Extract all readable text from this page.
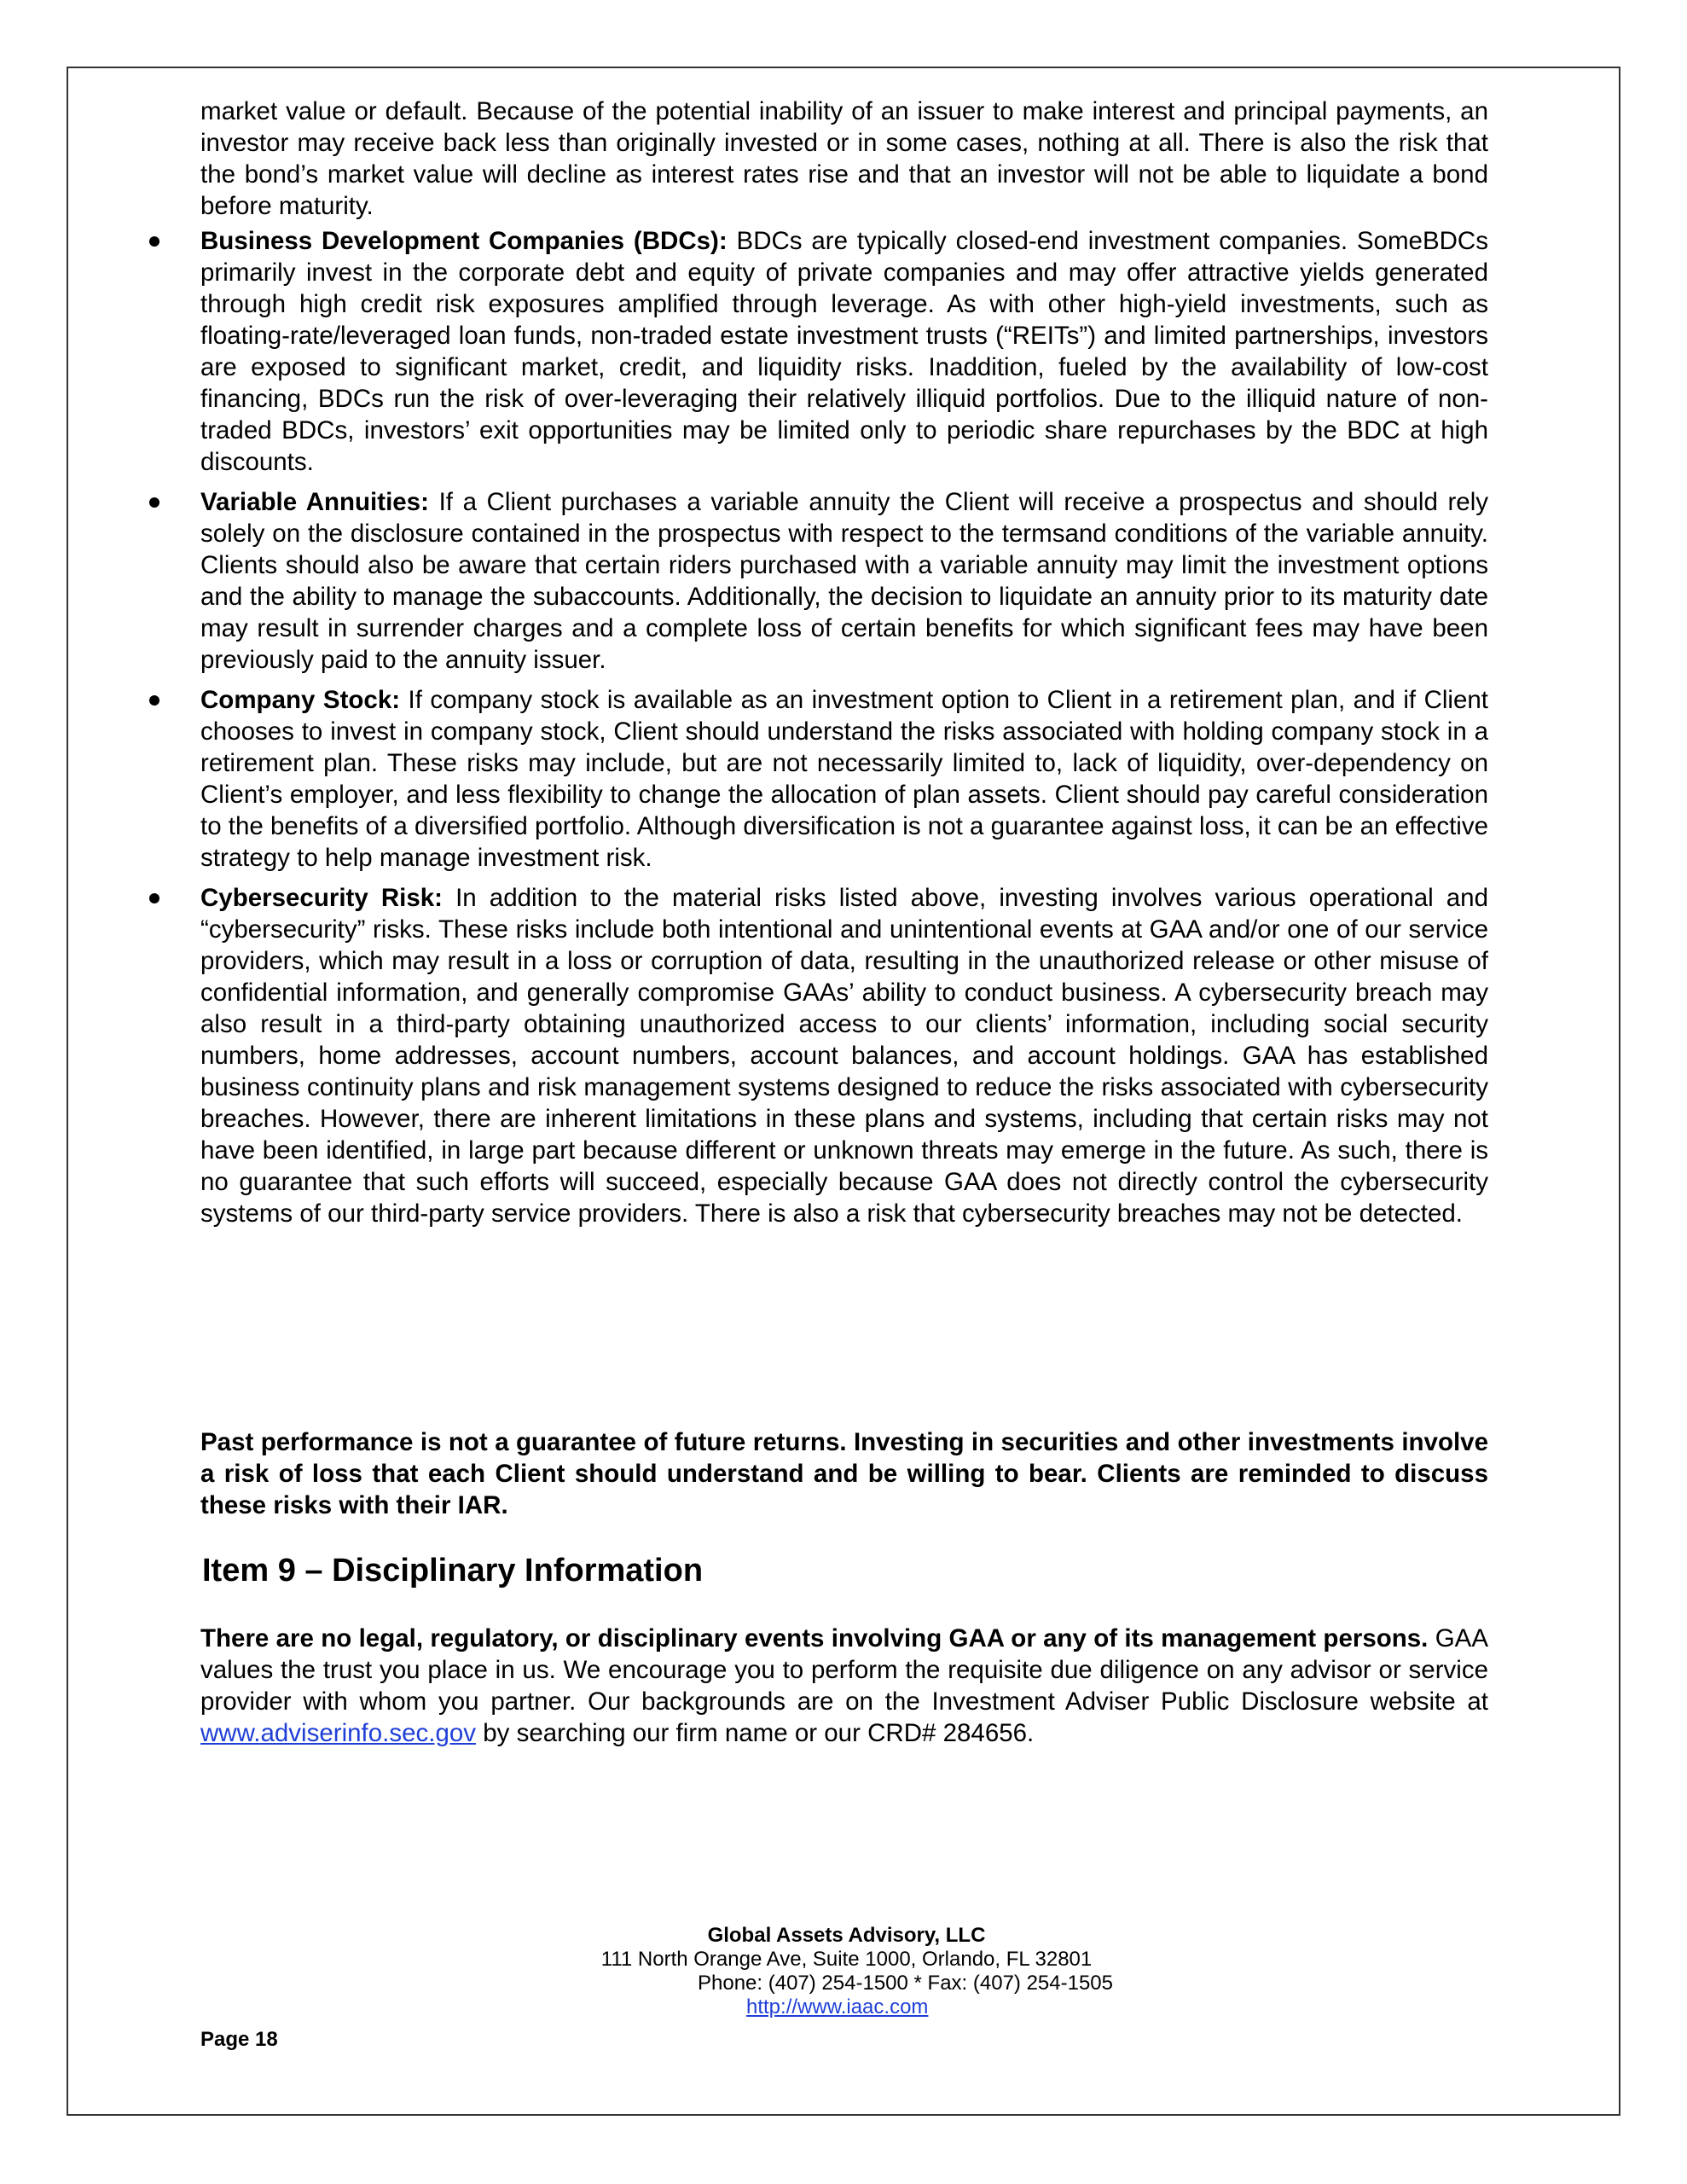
market value or default. Because of the potential inability of an issuer to make interest and principal payments, an investor may receive back less than originally invested or in some cases, nothing at all. There is also the risk that the bond’s market value will decline as interest rates rise and that an investor will not be able to liquidate a bond before maturity.

Business Development Companies (BDCs): BDCs are typically closed-end investment companies. SomeBDCs primarily invest in the corporate debt and equity of private companies and may offer attractive yields generated through high credit risk exposures amplified through leverage. As with other high-yield investments, such as floating-rate/leveraged loan funds, non-traded estate investment trusts (“REITs”) and limited partnerships, investors are exposed to significant market, credit, and liquidity risks. Inaddition, fueled by the availability of low-cost financing, BDCs run the risk of over-leveraging their relatively illiquid portfolios. Due to the illiquid nature of non-traded BDCs, investors’ exit opportunities may be limited only to periodic share repurchases by the BDC at high discounts.
Variable Annuities: If a Client purchases a variable annuity the Client will receive a prospectus and should rely solely on the disclosure contained in the prospectus with respect to the termsand conditions of the variable annuity. Clients should also be aware that certain riders purchased with a variable annuity may limit the investment options and the ability to manage the subaccounts. Additionally, the decision to liquidate an annuity prior to its maturity date may result in surrender charges and a complete loss of certain benefits for which significant fees may have been previously paid to the annuity issuer.
Company Stock: If company stock is available as an investment option to Client in a retirement plan, and if Client chooses to invest in company stock, Client should understand the risks associated with holding company stock in a retirement plan. These risks may include, but are not necessarily limited to, lack of liquidity, over-dependency on Client’s employer, and less flexibility to change the allocation of plan assets. Client should pay careful consideration to the benefits of a diversified portfolio. Although diversification is not a guarantee against loss, it can be an effective strategy to help manage investment risk.
Cybersecurity Risk: In addition to the material risks listed above, investing involves various operational and “cybersecurity” risks. These risks include both intentional and unintentional events at GAA and/or one of our service providers, which may result in a loss or corruption of data, resulting in the unauthorized release or other misuse of confidential information, and generally compromise GAAs’ ability to conduct business. A cybersecurity breach may also result in a third-party obtaining unauthorized access to our clients’ information, including social security numbers, home addresses, account numbers, account balances, and account holdings. GAA has established business continuity plans and risk management systems designed to reduce the risks associated with cybersecurity breaches. However, there are inherent limitations in these plans and systems, including that certain risks may not have been identified, in large part because different or unknown threats may emerge in the future. As such, there is no guarantee that such efforts will succeed, especially because GAA does not directly control the cybersecurity systems of our third-party service providers. There is also a risk that cybersecurity breaches may not be detected.

Past performance is not a guarantee of future returns. Investing in securities and other investments involve a risk of loss that each Client should understand and be willing to bear. Clients are reminded to discuss these risks with their IAR.

Item 9 – Disciplinary Information

There are no legal, regulatory, or disciplinary events involving GAA or any of its management persons. GAA values the trust you place in us. We encourage you to perform the requisite due diligence on any advisor or service provider with whom you partner. Our backgrounds are on the Investment Adviser Public Disclosure website at www.adviserinfo.sec.gov by searching our firm name or our CRD# 284656.

Global Assets Advisory, LLC
111 North Orange Ave, Suite 1000, Orlando, FL 32801
Phone: (407) 254-1500 * Fax: (407) 254-1505
http://www.iaac.com
Page 18
